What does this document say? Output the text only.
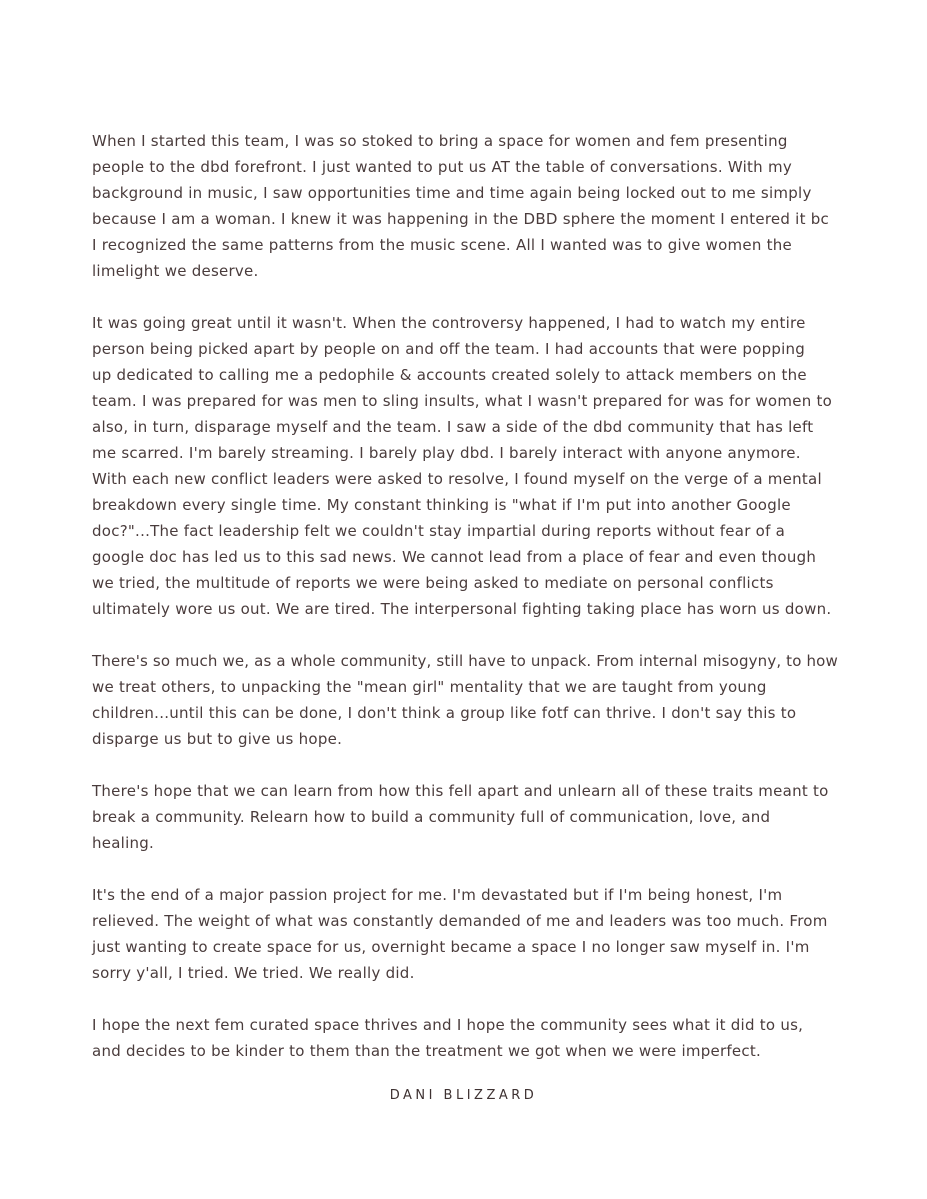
When I started this team, I was so stoked to bring a space for women and fem presenting
people to the dbd forefront. I just wanted to put us AT the table of conversations. With my
background in music, I saw opportunities time and time again being locked out to me simply
because I am a woman. I knew it was happening in the DBD sphere the moment I entered it bc
I recognized the same patterns from the music scene. All I wanted was to give women the
limelight we deserve.
It was going great until it wasn't. When the controversy happened, I had to watch my entire
person being picked apart by people on and off the team. I had accounts that were popping
up dedicated to calling me a pedophile & accounts created solely to attack members on the
team. I was prepared for was men to sling insults, what I wasn't prepared for was for women to
also, in turn, disparage myself and the team. I saw a side of the dbd community that has left
me scarred. I'm barely streaming. I barely play dbd. I barely interact with anyone anymore.
With each new conflict leaders were asked to resolve, I found myself on the verge of a mental
breakdown every single time. My constant thinking is "what if I'm put into another Google
doc?"...The fact leadership felt we couldn't stay impartial during reports without fear of a
google doc has led us to this sad news. We cannot lead from a place of fear and even though
we tried, the multitude of reports we were being asked to mediate on personal conflicts
ultimately wore us out. We are tired. The interpersonal fighting taking place has worn us down.
There's so much we, as a whole community, still have to unpack. From internal misogyny, to how
we treat others, to unpacking the "mean girl" mentality that we are taught from young
children...until this can be done, I don't think a group like fotf can thrive. I don't say this to
disparge us but to give us hope.
There's hope that we can learn from how this fell apart and unlearn all of these traits meant to
break a community. Relearn how to build a community full of communication, love, and
healing.
It's the end of a major passion project for me. I'm devastated but if I'm being honest, I'm
relieved. The weight of what was constantly demanded of me and leaders was too much. From
just wanting to create space for us, overnight became a space I no longer saw myself in. I'm
sorry y'all, I tried. We tried. We really did.
I hope the next fem curated space thrives and I hope the community sees what it did to us,
and decides to be kinder to them than the treatment we got when we were imperfect.
DANI BLIZZARD
